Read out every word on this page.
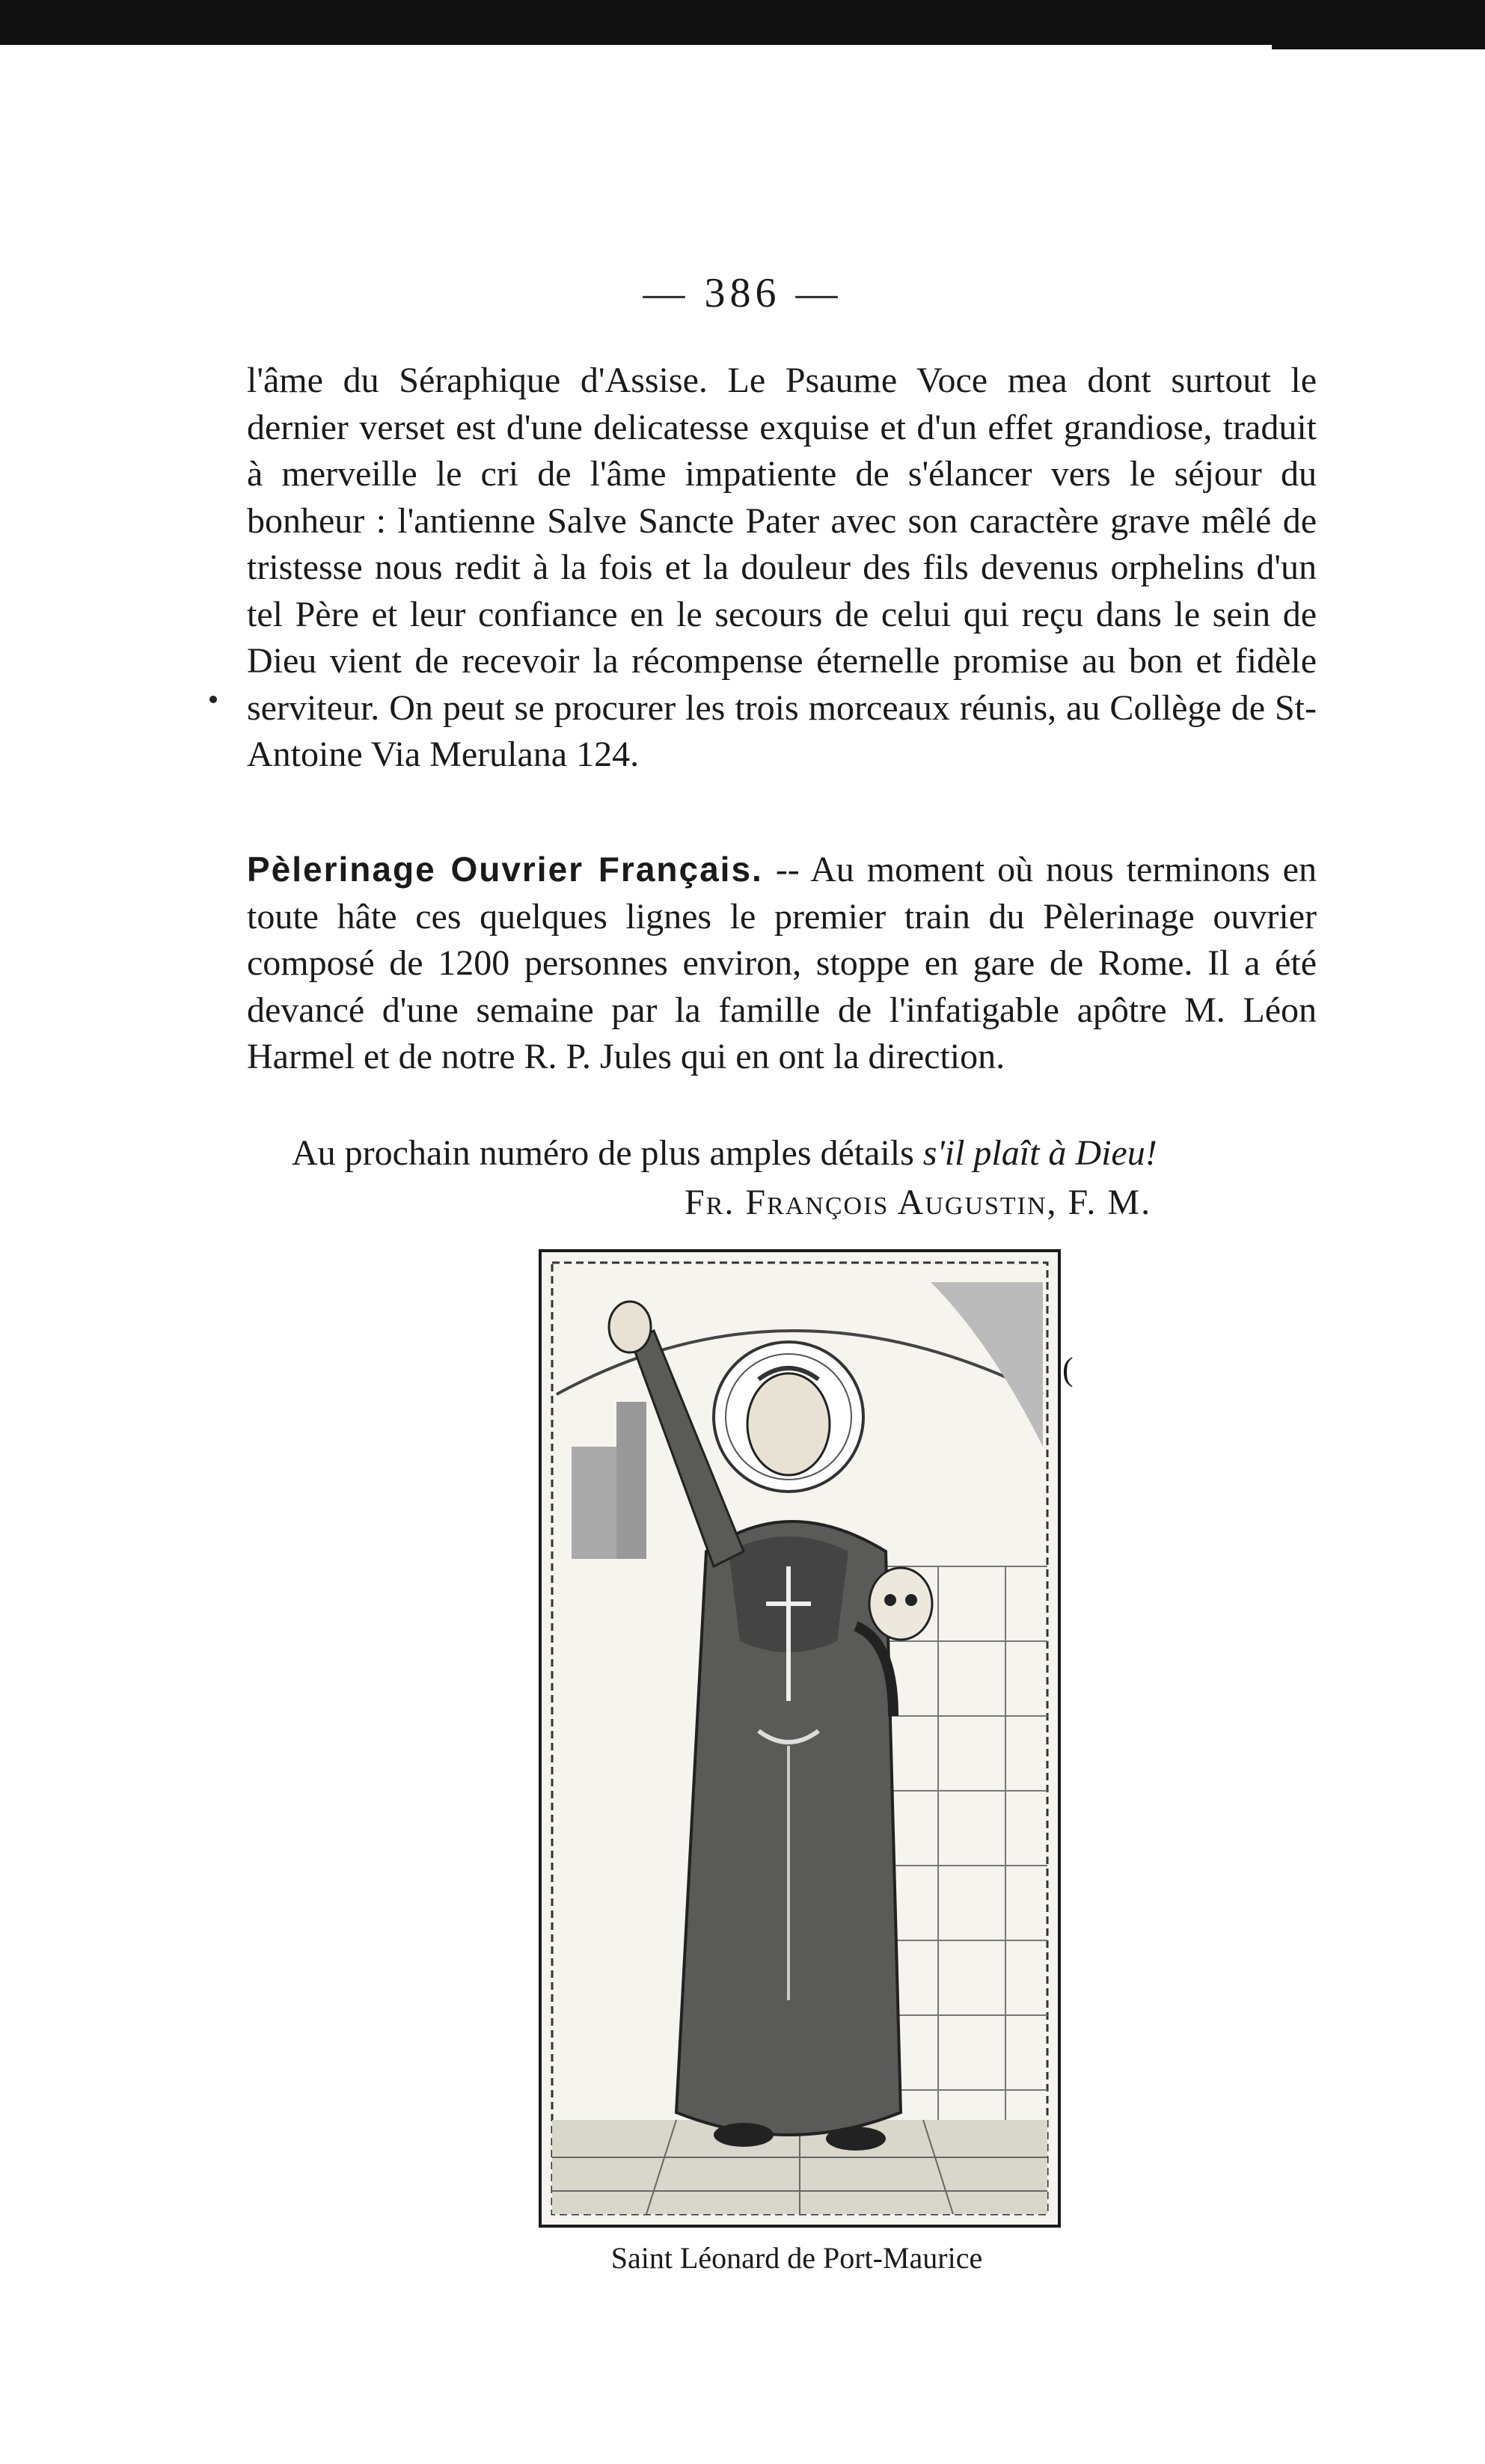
— 386 —
l'âme du Séraphique d'Assise. Le Psaume Voce mea dont surtout le dernier verset est d'une delicatesse exquise et d'un effet grandiose, traduit à merveille le cri de l'âme impatiente de s'élancer vers le séjour du bonheur : l'antienne Salve Sancte Pater avec son caractère grave mêlé de tristesse nous redit à la fois et la douleur des fils devenus orphelins d'un tel Père et leur confiance en le secours de celui qui reçu dans le sein de Dieu vient de recevoir la récompense éternelle promise au bon et fidèle serviteur. On peut se procurer les trois morceaux réunis, au Collège de St-Antoine Via Merulana 124.
Pèlerinage Ouvrier Français. -- Au moment où nous terminons en toute hâte ces quelques lignes le premier train du Pèlerinage ouvrier composé de 1200 personnes environ, stoppe en gare de Rome. Il a été devancé d'une semaine par la famille de l'infatigable apôtre M. Léon Harmel et de notre R. P. Jules qui en ont la direction.
Au prochain numéro de plus amples détails s'il plaît à Dieu!
Fr. François Augustin, F. M.
(
Saint Léonard de Port-Maurice
